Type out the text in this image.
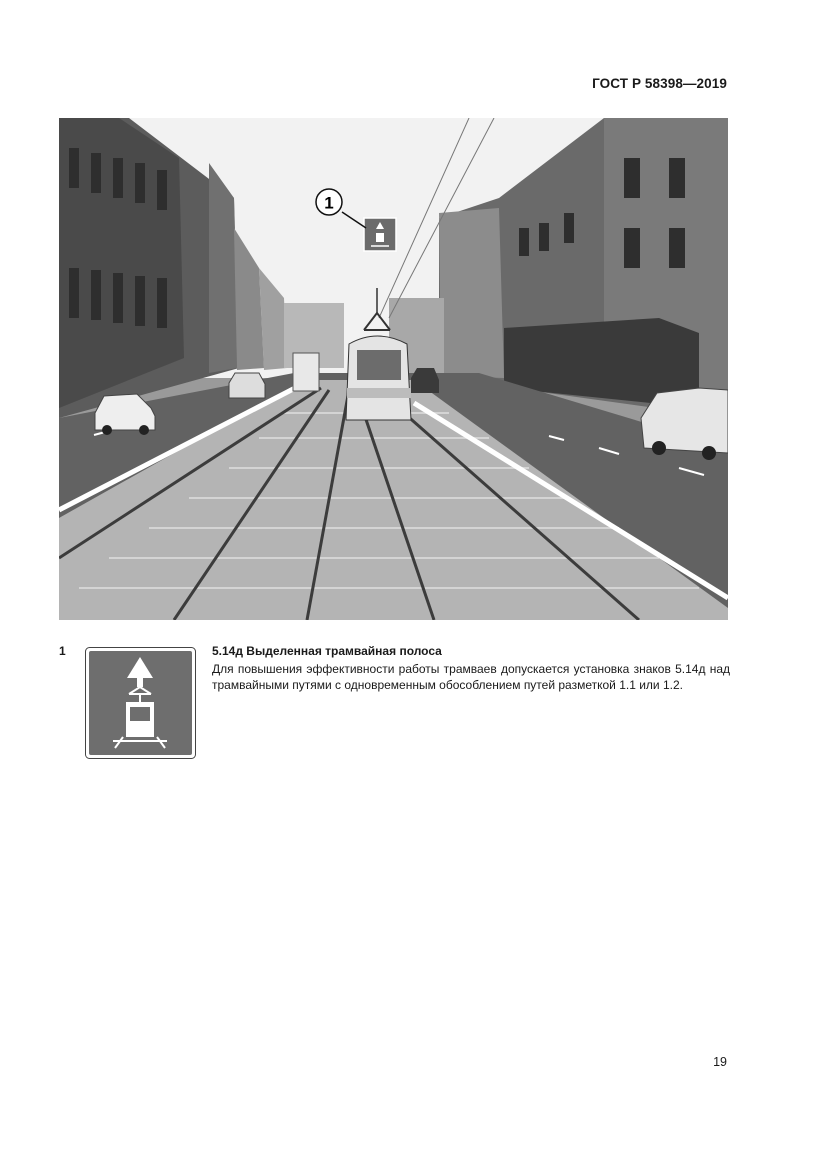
ГОСТ Р 58398—2019
1
1	5.14д Выделенная трамвайная полоса
Для повышения эффективности работы трамваев допускается установка знаков 5.14д над трамвайными путями с одновременным обособлением путей разметкой 1.1 или 1.2.
19
